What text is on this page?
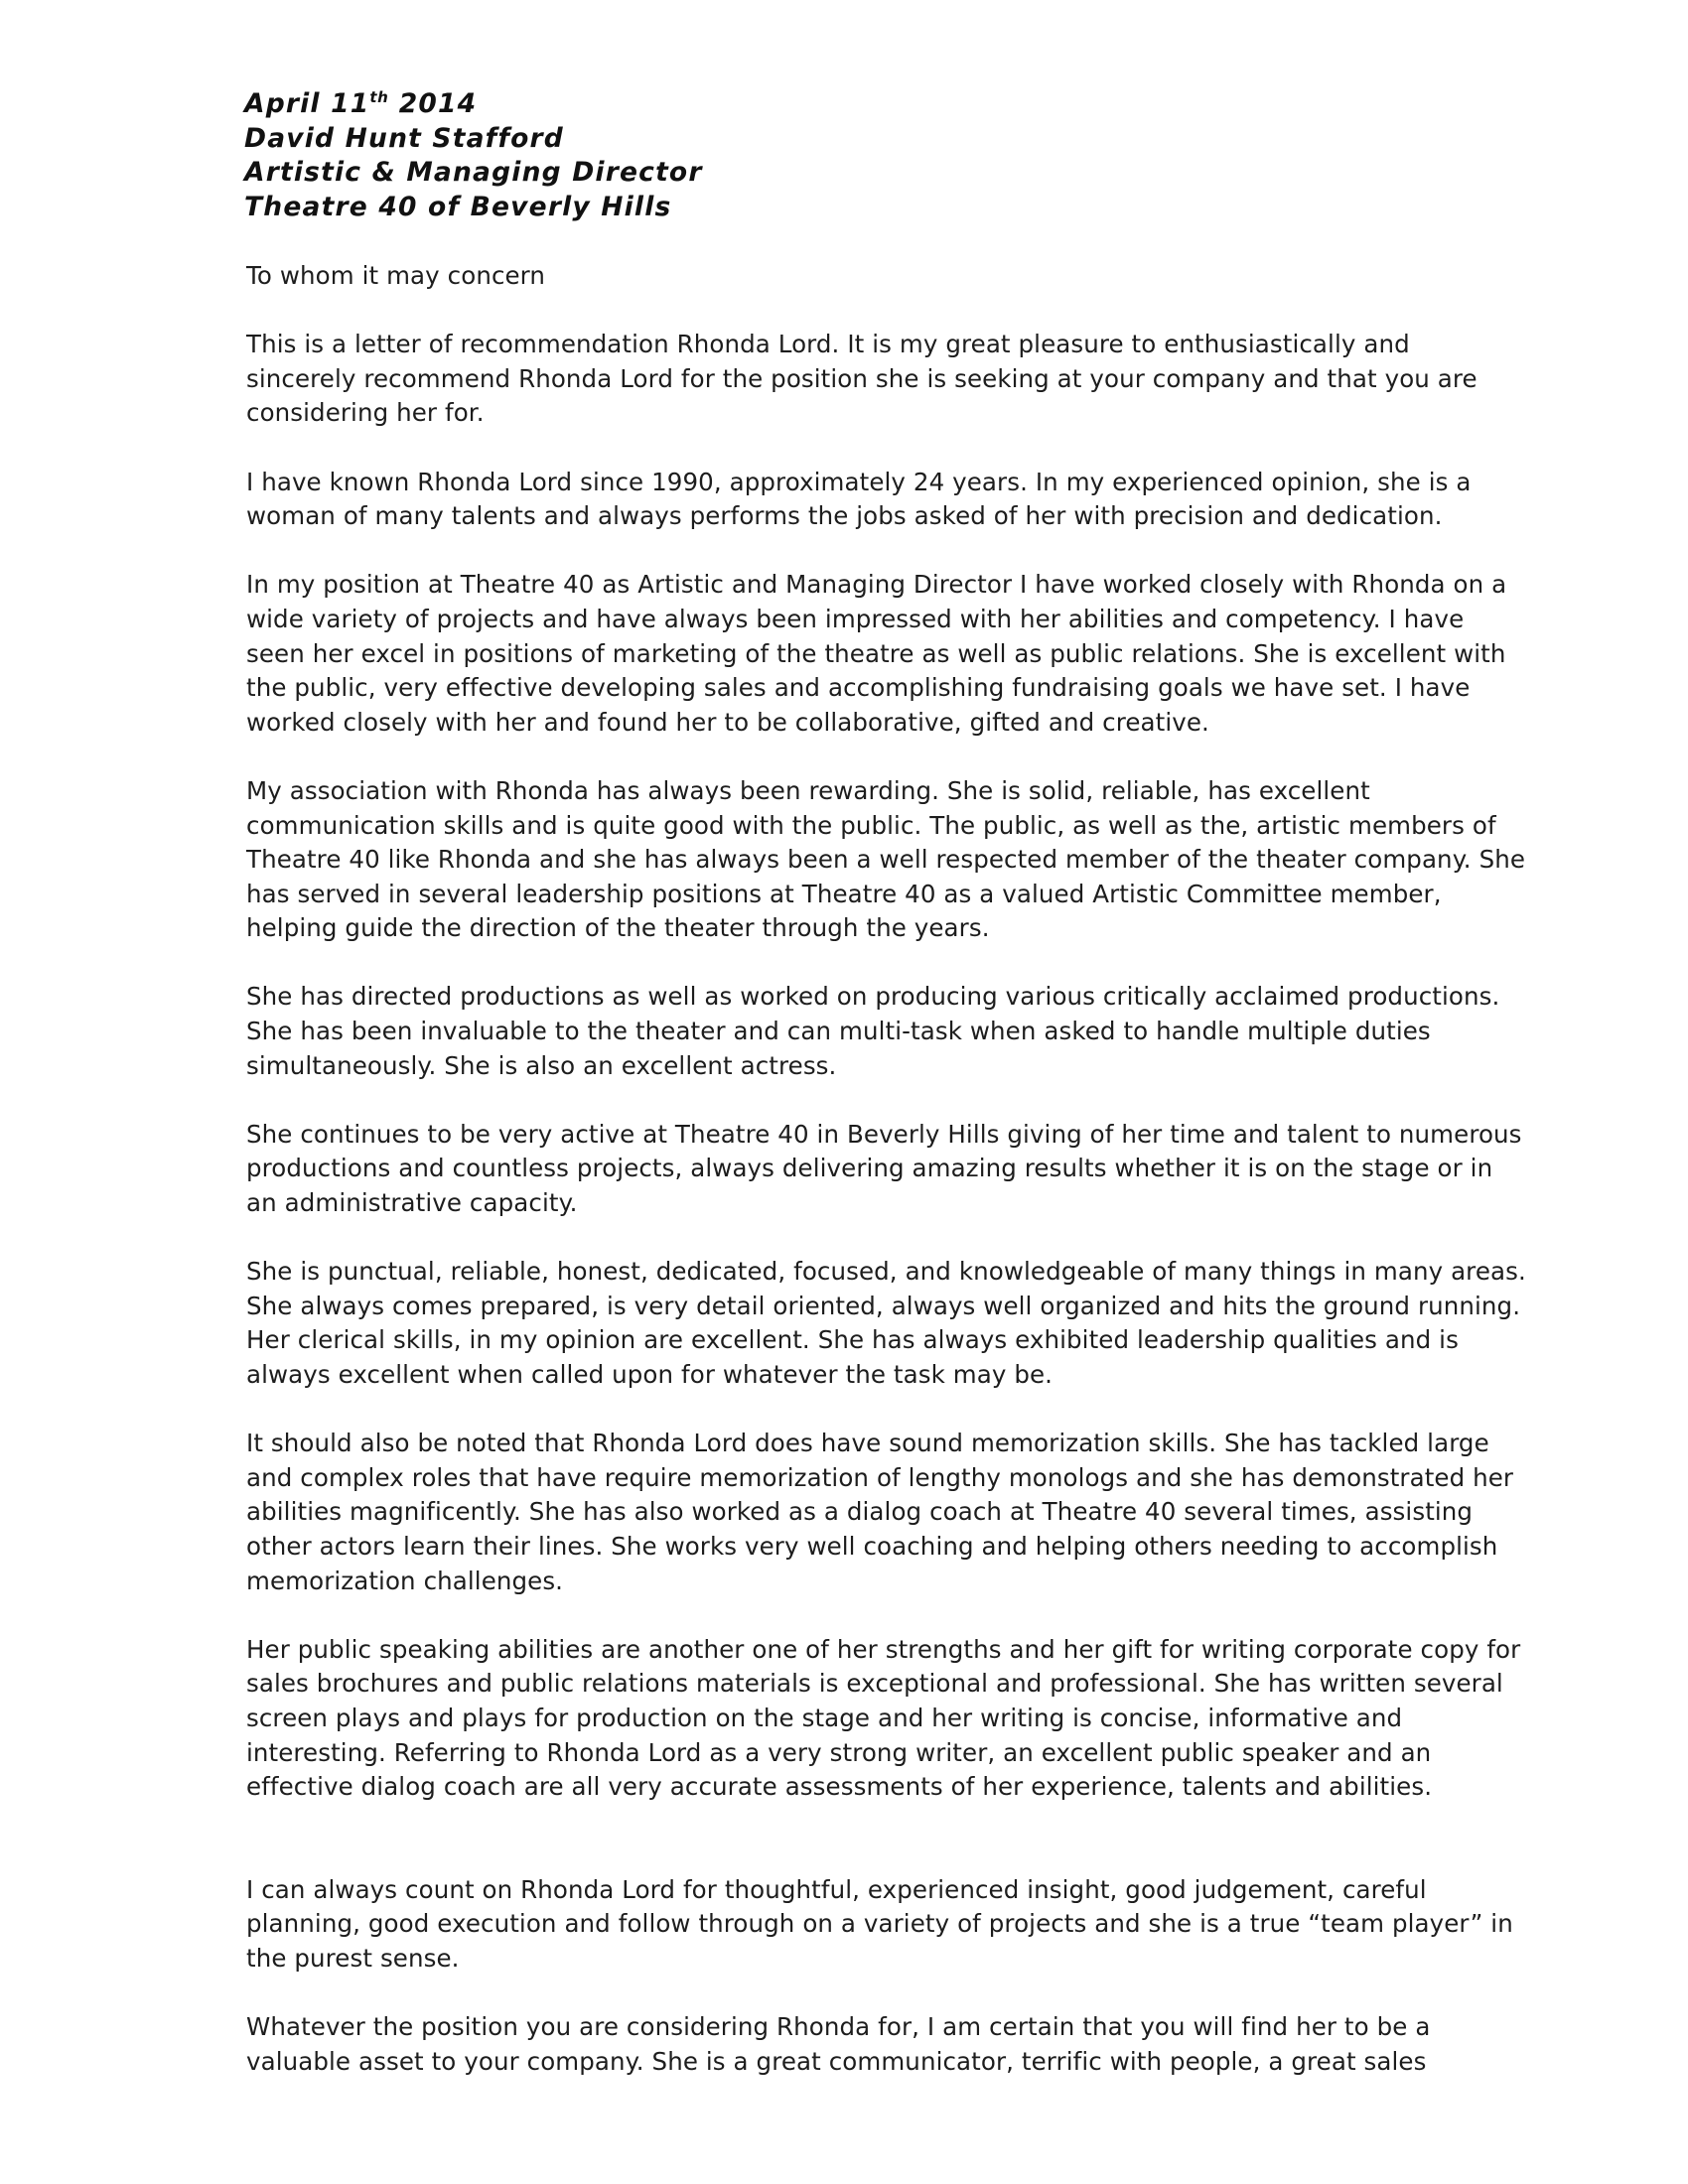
April 11th 2014
David Hunt Stafford
Artistic & Managing Director
Theatre 40 of Beverly Hills

To whom it may concern

This is a letter of recommendation Rhonda Lord. It is my great pleasure to enthusiastically and sincerely recommend Rhonda Lord for the position she is seeking at your company and that you are considering her for.

I have known Rhonda Lord since 1990, approximately 24 years. In my experienced opinion, she is a woman of many talents and always performs the jobs asked of her with precision and dedication.

In my position at Theatre 40 as Artistic and Managing Director I have worked closely with Rhonda on a wide variety of projects and have always been impressed with her abilities and competency. I have seen her excel in positions of marketing of the theatre as well as public relations. She is excellent with the public, very effective developing sales and accomplishing fundraising goals we have set. I have worked closely with her and found her to be collaborative, gifted and creative.

My association with Rhonda has always been rewarding. She is solid, reliable, has excellent communication skills and is quite good with the public. The public, as well as the, artistic members of Theatre 40 like Rhonda and she has always been a well respected member of the theater company. She has served in several leadership positions at Theatre 40 as a valued Artistic Committee member, helping guide the direction of the theater through the years.

She has directed productions as well as worked on producing various critically acclaimed productions. She has been invaluable to the theater and can multi-task when asked to handle multiple duties simultaneously. She is also an excellent actress.

She continues to be very active at Theatre 40 in Beverly Hills giving of her time and talent to numerous productions and countless projects, always delivering amazing results whether it is on the stage or in an administrative capacity.

She is punctual, reliable, honest, dedicated, focused, and knowledgeable of many things in many areas. She always comes prepared, is very detail oriented, always well organized and hits the ground running. Her clerical skills, in my opinion are excellent. She has always exhibited leadership qualities and is always excellent when called upon for whatever the task may be.

It should also be noted that Rhonda Lord does have sound memorization skills. She has tackled large and complex roles that have require memorization of lengthy monologs and she has demonstrated her abilities magnificently. She has also worked as a dialog coach at Theatre 40 several times, assisting other actors learn their lines. She works very well coaching and helping others needing to accomplish memorization challenges.

Her public speaking abilities are another one of her strengths and her gift for writing corporate copy for sales brochures and public relations materials is exceptional and professional. She has written several screen plays and plays for production on the stage and her writing is concise, informative and interesting. Referring to Rhonda Lord as a very strong writer, an excellent public speaker and an effective dialog coach are all very accurate assessments of her experience, talents and abilities.

I can always count on Rhonda Lord for thoughtful, experienced insight, good judgement, careful planning, good execution and follow through on a variety of projects and she is a true “team player” in the purest sense.

Whatever the position you are considering Rhonda for, I am certain that you will find her to be a valuable asset to your company. She is a great communicator, terrific with people, a great sales
